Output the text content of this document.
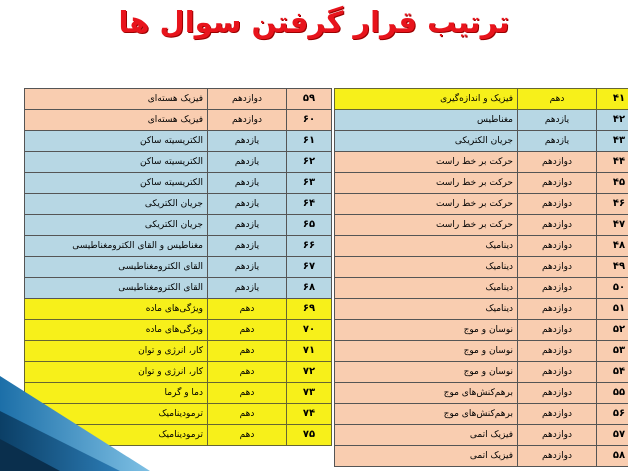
ترتیب قرار گرفتن سوال ها
فیزیک هسته‌ای	دوازدهم	۵۹
فیزیک هسته‌ای	دوازدهم	۶۰
الکتریسیته ساکن	یازدهم	۶۱
الکتریسیته ساکن	یازدهم	۶۲
الکتریسیته ساکن	یازدهم	۶۳
جریان الکتریکی	یازدهم	۶۴
جریان الکتریکی	یازدهم	۶۵
مغناطیس و القای الکترومغناطیسی	یازدهم	۶۶
القای الکترومغناطیسی	یازدهم	۶۷
القای الکترومغناطیسی	یازدهم	۶۸
ویژگی‌های ماده	دهم	۶۹
ویژگی‌های ماده	دهم	۷۰
کار، انرژی و توان	دهم	۷۱
کار، انرژی و توان	دهم	۷۲
دما و گرما	دهم	۷۳
ترمودینامیک	دهم	۷۴
ترمودینامیک	دهم	۷۵
فیزیک و اندازه‌گیری	دهم	۴۱
مغناطیس	یازدهم	۴۲
جریان الکتریکی	یازدهم	۴۳
حرکت بر خط راست	دوازدهم	۴۴
حرکت بر خط راست	دوازدهم	۴۵
حرکت بر خط راست	دوازدهم	۴۶
حرکت بر خط راست	دوازدهم	۴۷
دینامیک	دوازدهم	۴۸
دینامیک	دوازدهم	۴۹
دینامیک	دوازدهم	۵۰
دینامیک	دوازدهم	۵۱
نوسان و موج	دوازدهم	۵۲
نوسان و موج	دوازدهم	۵۳
نوسان و موج	دوازدهم	۵۴
برهم‌کنش‌های موج	دوازدهم	۵۵
برهم‌کنش‌های موج	دوازدهم	۵۶
فیزیک اتمی	دوازدهم	۵۷
فیزیک اتمی	دوازدهم	۵۸
